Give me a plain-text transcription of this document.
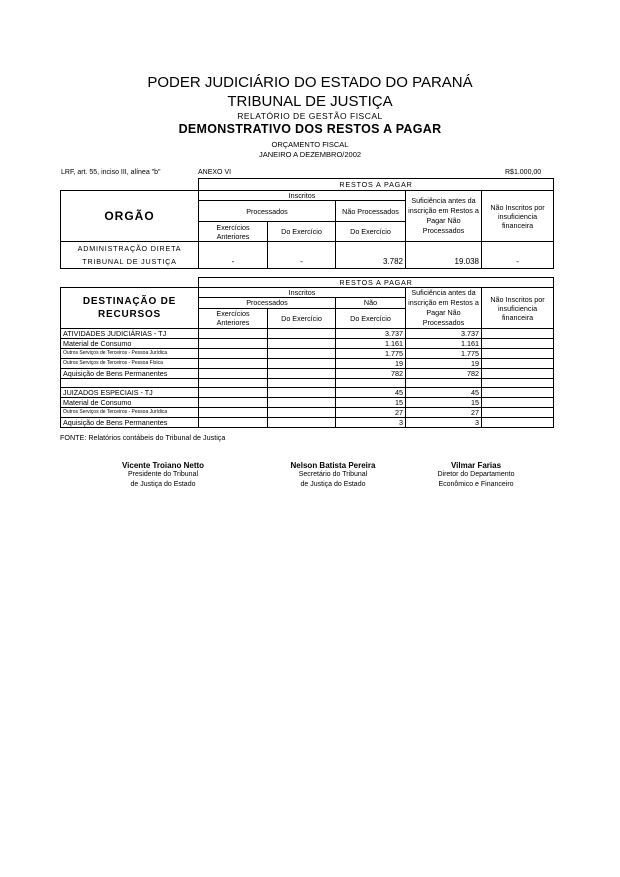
PODER JUDICIÁRIO DO ESTADO DO PARANÁ
TRIBUNAL DE JUSTIÇA
RELATÓRIO DE GESTÃO FISCAL
DEMONSTRATIVO DOS RESTOS A PAGAR
ORÇAMENTO FISCAL
JANEIRO A DEZEMBRO/2002
LRF, art. 55, inciso III, alínea "b"	ANEXO VI	R$1.000,00
	RESTOS A PAGAR				
ORGÃO	Inscritos			Suficiência antes da inscrição em Restos a Pagar Não Processados	Não Inscritos por insuficiencia financeira
	Processados		Não Processados		
	Exercícios Anteriores	Do Exercício	Do Exercício		
ADMINISTRAÇÃO DIRETA					
TRIBUNAL DE JUSTIÇA	-	-	3.782	19.038	-
	RESTOS A PAGAR				
DESTINAÇÃO DE RECURSOS	Inscritos			Suficiência antes da inscrição em Restos a Pagar Não Processados	Não Inscritos por insuficiencia financeira
	Processados		Não		
	Exercícios Anteriores	Do Exercício	Do Exercício		
ATIVIDADES JUDICIÁRIAS - TJ			3.737	3.737	
Material de Consumo			1.161	1.161	
Outros Serviços de Terceiros - Pessoa Jurídica			1.775	1.775	
Outros Serviços de Terceiros - Pessoa Física			19	19	
Aquisição de Bens Permanentes			782	782	

JUIZADOS ESPECIAIS - TJ			45	45	
Material de Consumo			15	15	
Outros Serviços de Terceiros - Pessoa Jurídica			27	27	
Aquisição de Bens Permanentes			3	3	
FONTE: Relatórios contábeis do Tribunal de Justiça
Vicente Troiano Netto
Presidente do Tribunal
de Justiça do Estado
Nelson Batista Pereira
Secretário do Tribunal
de Justiça do Estado
Vilmar Farias
Diretor do Departamento
Econômico e Financeiro
